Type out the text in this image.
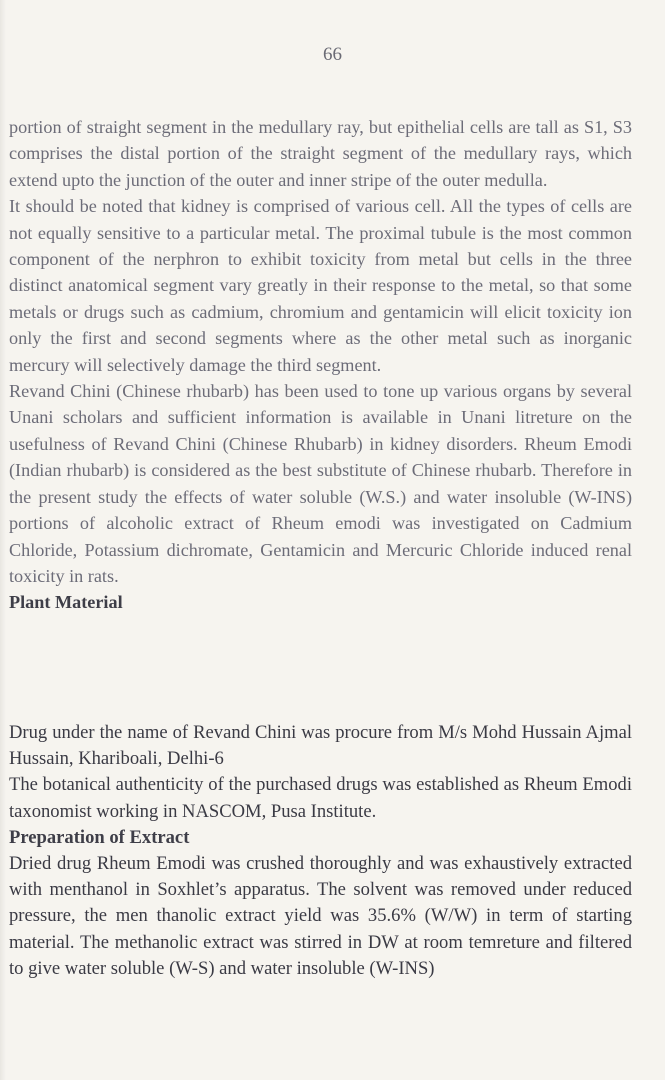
66

portion of straight segment in the medullary ray, but epithelial cells are tall as S1, S3 comprises the distal portion of the straight segment of the medullary rays, which extend upto the junction of the outer and inner stripe of the outer medulla.

It should be noted that kidney is comprised of various cell. All the types of cells are not equally sensitive to a particular metal. The proximal tubule is the most common component of the nerphron to exhibit toxicity from metal but cells in the three distinct anatomical segment vary greatly in their response to the metal, so that some metals or drugs such as cadmium, chromium and gentamicin will elicit toxicity ion only the first and second segments where as the other metal such as inorganic mercury will selectively damage the third segment.

Revand Chini (Chinese rhubarb) has been used to tone up various organs by several Unani scholars and sufficient information is available in Unani litreture on the usefulness of Revand Chini (Chinese Rhubarb) in kidney disorders. Rheum Emodi (Indian rhubarb) is considered as the best substitute of Chinese rhubarb. Therefore in the present study the effects of water soluble (W.S.) and water insoluble (W-INS) portions of alcoholic extract of Rheum emodi was investigated on Cadmium Chloride, Potassium dichromate, Gentamicin and Mercuric Chloride induced renal toxicity in rats.

Plant Material

Drug under the name of Revand Chini was procure from M/s Mohd Hussain Ajmal Hussain, Khariboali, Delhi-6

The botanical authenticity of the purchased drugs was established as Rheum Emodi taxonomist working in NASCOM, Pusa Institute.

Preparation of Extract

Dried drug Rheum Emodi was crushed thoroughly and was exhaustively extracted with menthanol in Soxhlet’s apparatus. The solvent was removed under reduced pressure, the men thanolic extract yield was 35.6% (W/W) in term of starting material. The methanolic extract was stirred in DW at room temreture and filtered to give water soluble (W-S) and water insoluble (W-INS)
